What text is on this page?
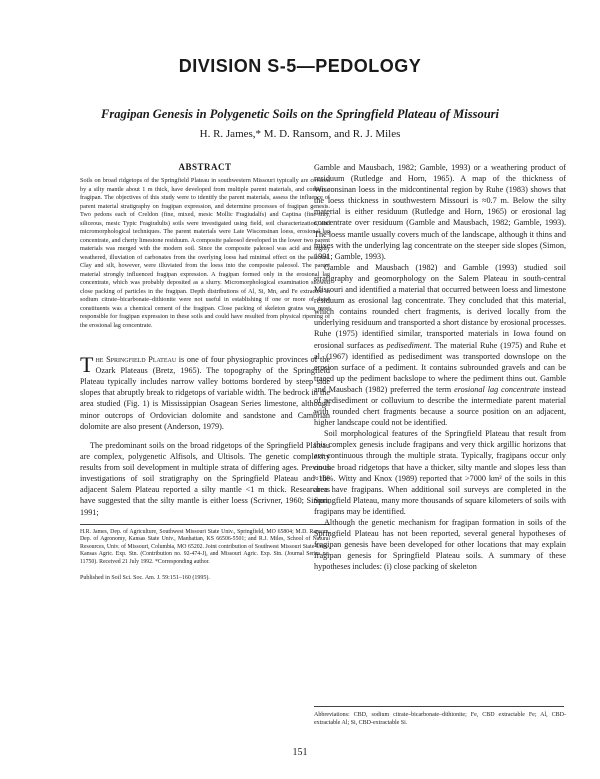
DIVISION S-5—PEDOLOGY
Fragipan Genesis in Polygenetic Soils on the Springfield Plateau of Missouri
H. R. James,* M. D. Ransom, and R. J. Miles
ABSTRACT

Soils on broad ridgetops of the Springfield Plateau in southwestern Missouri typically are covered by a silty mantle about 1 m thick, have developed from multiple parent materials, and contain a fragipan. The objectives of this study were to identify the parent materials, assess the influence of parent material stratigraphy on fragipan expression, and determine processes of fragipan genesis. Two pedons each of Creldon (fine, mixed, mesic Mollic Fragiudalfs) and Captina (fine-silty, siliceous, mesic Typic Fragiudults) soils were investigated using field, soil characterization, and micromorphological techniques. The parent materials were Late Wisconsinan loess, erosional lag concentrate, and cherty limestone residuum. A composite paleosol developed in the lower two parent materials was merged with the modern soil. Since the composite paleosol was acid and highly weathered, illuviation of carbonates from the overlying loess had minimal effect on the paleosol. Clay and silt, however, were illuviated from the loess into the composite paleosol. The parent material strongly influenced fragipan expression. A fragipan formed only in the erosional lag concentrate, which was probably deposited as a slurry. Micromorphological examination showed close packing of particles in the fragipan. Depth distributions of Al, Si, Mn, and Fe extracted in sodium citrate–bicarbonate–dithionite were not useful in establishing if one or more of these constituents was a chemical cement of the fragipan. Close packing of skeleton grains was most responsible for fragipan expression in these soils and could have resulted from physical ripening of the erosional lag concentrate.

The Springfield Plateau is one of four physiographic provinces of the Ozark Plateaus (Bretz, 1965). The topography of the Springfield Plateau typically includes narrow valley bottoms bordered by steep side slopes that abruptly break to ridgetops of variable width. The bedrock in the area studied (Fig. 1) is Mississippian Osagean Series limestone, although minor outcrops of Ordovician dolomite and sandstone and Cambrian dolomite are also present (Anderson, 1979).

The predominant soils on the broad ridgetops of the Springfield Plateau are complex, polygenetic Alfisols, and Ultisols. The genetic complexity results from soil development in multiple strata of differing ages. Previous investigations of soil stratigraphy on the Springfield Plateau and the adjacent Salem Plateau reported a silty mantle <1 m thick. Researchers have suggested that the silty mantle is either loess (Scrivner, 1960; Simon, 1991;

H.R. James, Dep. of Agriculture, Southwest Missouri State Univ., Springfield, MO 65804; M.D. Ransom, Dep. of Agronomy, Kansas State Univ., Manhattan, KS 66506-5501; and R.J. Miles, School of Natural Resources, Univ. of Missouri, Columbia, MO 65202. Joint contribution of Southwest Missouri State Univ., Kansas Agric. Exp. Stn. (Contribution no. 92-474-J), and Missouri Agric. Exp. Stn. (Journal Series no. 11750). Received 21 July 1992. *Corresponding author.

Published in Soil Sci. Soc. Am. J. 59:151–160 (1995).

Gamble and Mausbach, 1982; Gamble, 1993) or a weathering product of residuum (Rutledge and Horn, 1965). A map of the thickness of Wisconsinan loess in the midcontinental region by Ruhe (1983) shows that the loess thickness in southwestern Missouri is ≈0.7 m. Below the silty material is either residuum (Rutledge and Horn, 1965) or erosional lag concentrate over residuum (Gamble and Mausbach, 1982; Gamble, 1993). The loess mantle usually covers much of the landscape, although it thins and mixes with the underlying lag concentrate on the steeper side slopes (Simon, 1991; Gamble, 1993).

Gamble and Mausbach (1982) and Gamble (1993) studied soil stratigraphy and geomorphology on the Salem Plateau in south-central Missouri and identified a material that occurred between loess and limestone residuum as erosional lag concentrate. They concluded that this material, which contains rounded chert fragments, is derived locally from the underlying residuum and transported a short distance by erosional processes. Ruhe (1975) identified similar, transported materials in Iowa found on erosional surfaces as pedisediment. The material Ruhe (1975) and Ruhe et al. (1967) identified as pedisediment was transported downslope on the erosion surface of a pediment. It contains subrounded gravels and can be traced up the pediment backslope to where the pediment thins out. Gamble and Mausbach (1982) preferred the term erosional lag concentrate instead of pedisediment or colluvium to describe the intermediate parent material with rounded chert fragments because a source position on an adjacent, higher landscape could not be identified.

Soil morphological features of the Springfield Plateau that result from this complex genesis include fragipans and very thick argillic horizons that are continuous through the multiple strata. Typically, fragipans occur only on the broad ridgetops that have a thicker, silty mantle and slopes less than ≈10%. Witty and Knox (1989) reported that >7000 km² of the soils in this area have fragipans. When additional soil surveys are completed in the Springfield Plateau, many more thousands of square kilometers of soils with fragipans may be identified.

Although the genetic mechanism for fragipan formation in soils of the Springfield Plateau has not been reported, several general hypotheses of fragipan genesis have been developed for other locations that may explain fragipan genesis for Springfield Plateau soils. A summary of these hypotheses includes: (i) close packing of skeleton

Abbreviations: CBD, sodium citrate–bicarbonate–dithionite; Fe, CBD extractable Fe; Al, CBD-extractable Al; Si, CBD-extractable Si.
151
